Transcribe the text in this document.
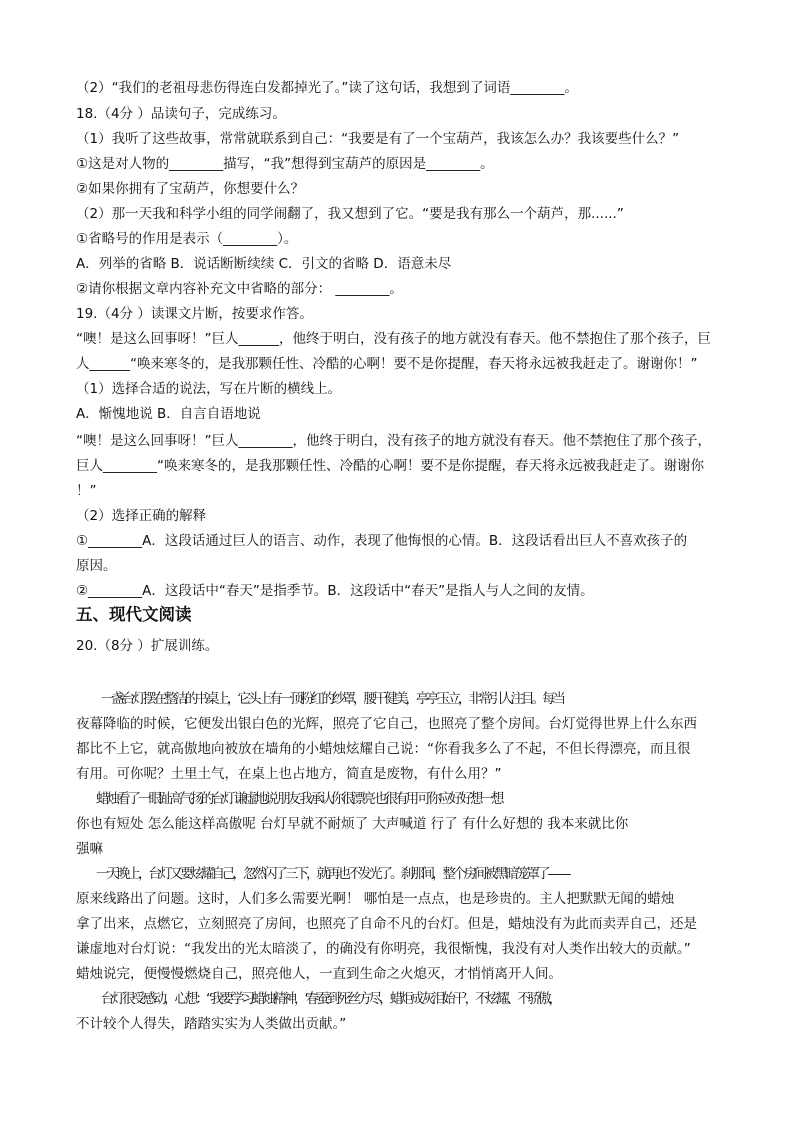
（2）“我们的老祖母悲伤得连白发都掉光了。”读了这句话，我想到了词语________。
18.（4分 ）品读句子，完成练习。
（1）我听了这些故事，常常就联系到自己：“我要是有了一个宝葫芦，我该怎么办？我该要些什么？”
①这是对人物的________描写，“我”想得到宝葫芦的原因是________。
②如果你拥有了宝葫芦，你想要什么？
（2）那一天我和科学小组的同学闹翻了，我又想到了它。“要是我有那么一个葫芦，那......”
①省略号的作用是表示（________）。
A．列举的省略 B．说话断断续续 C．引文的省略 D．语意未尽
②请你根据文章内容补充文中省略的部分： ________。
19.（4分 ）读课文片断，按要求作答。
“噢！是这么回事呀！”巨人______，他终于明白，没有孩子的地方就没有春天。他不禁抱住了那个孩子，巨
人______“唤来寒冬的，是我那颗任性、冷酷的心啊！要不是你提醒，春天将永远被我赶走了。谢谢你！”
（1）选择合适的说法，写在片断的横线上。
A．惭愧地说 B．自言自语地说
“噢！是这么回事呀！”巨人________，他终于明白，没有孩子的地方就没有春天。他不禁抱住了那个孩子，
巨人________“唤来寒冬的，是我那颗任性、冷酷的心啊！要不是你提醒，春天将永远被我赶走了。谢谢你
！”
（2）选择正确的解释
①________A．这段话通过巨人的语言、动作，表现了他悔恨的心情。B．这段话看出巨人不喜欢孩子的
原因。
②________A．这段话中“春天”是指季节。B．这段话中“春天”是指人与人之间的友情。
五、现代文阅读
20.（8分 ）扩展训练。
一盏台灯摆在整洁的书桌上，它头上有一顶粉红的纱罩，腰干健美，亭亭玉立，非常引人注目。每当
夜幕降临的时候，它便发出银白色的光辉，照亮了它自己，也照亮了整个房间。台灯觉得世界上什么东西
都比不上它，就高傲地向被放在墙角的小蜡烛炫耀自己说：“你看我多么了不起，不但长得漂亮，而且很
有用。可你呢？土里土气，在桌上也占地方，简直是废物，有什么用？”
蜡烛看了一眼趾高气扬的台灯 谦虚地说 朋友 我承认你很漂亮 也很有用 可你应好好想一想
你也有短处 怎么能这样高傲呢 台灯早就不耐烦了 大声喊道 行了 有什么好想的 我本来就比你
强嘛
一天晚上，台灯又要炫耀自己，忽然闪了三下，就再也不发光了。刹那间，整个房间被黑暗笼罩了——
原来线路出了问题。这时，人们多么需要光啊！ 哪怕是一点点，也是珍贵的。主人把默默无闻的蜡烛
拿了出来，点燃它，立刻照亮了房间，也照亮了自命不凡的台灯。但是，蜡烛没有为此而卖弄自己，还是
谦虚地对台灯说：“我发出的光太暗淡了，的确没有你明亮，我很惭愧，我没有对人类作出较大的贡献。”
蜡烛说完，便慢慢燃烧自己，照亮他人，一直到生命之火熄灭，才悄悄离开人间。
台灯很受感动，心想：“我要学习蜡烛精神，‘春蚕到死丝方尽，蜡炬成灰泪始干’，不炫耀、不骄傲，
不计较个人得失，踏踏实实为人类做出贡献。”
